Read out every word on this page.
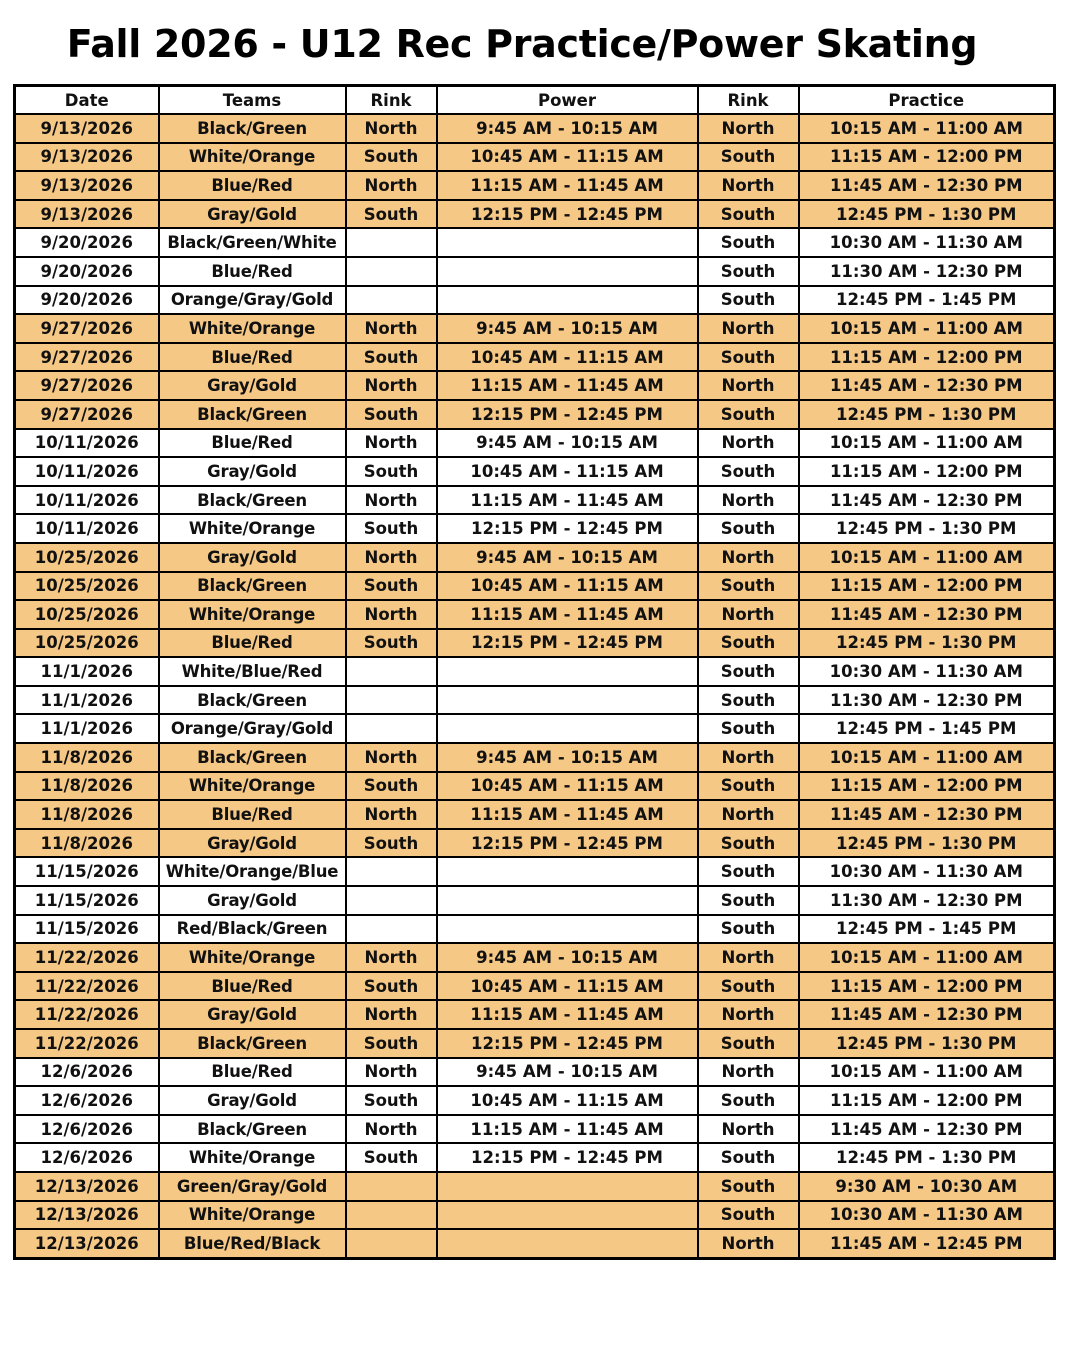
Fall 2026 - U12 Rec Practice/Power Skating
Date	Teams	Rink	Power	Rink	Practice
9/13/2026	Black/Green	North	9:45 AM - 10:15 AM	North	10:15 AM - 11:00 AM
9/13/2026	White/Orange	South	10:45 AM - 11:15 AM	South	11:15 AM - 12:00 PM
9/13/2026	Blue/Red	North	11:15 AM - 11:45 AM	North	11:45 AM - 12:30 PM
9/13/2026	Gray/Gold	South	12:15 PM - 12:45 PM	South	12:45 PM - 1:30 PM
9/20/2026	Black/Green/White			South	10:30 AM - 11:30 AM
9/20/2026	Blue/Red			South	11:30 AM - 12:30 PM
9/20/2026	Orange/Gray/Gold			South	12:45 PM - 1:45 PM
9/27/2026	White/Orange	North	9:45 AM - 10:15 AM	North	10:15 AM - 11:00 AM
9/27/2026	Blue/Red	South	10:45 AM - 11:15 AM	South	11:15 AM - 12:00 PM
9/27/2026	Gray/Gold	North	11:15 AM - 11:45 AM	North	11:45 AM - 12:30 PM
9/27/2026	Black/Green	South	12:15 PM - 12:45 PM	South	12:45 PM - 1:30 PM
10/11/2026	Blue/Red	North	9:45 AM - 10:15 AM	North	10:15 AM - 11:00 AM
10/11/2026	Gray/Gold	South	10:45 AM - 11:15 AM	South	11:15 AM - 12:00 PM
10/11/2026	Black/Green	North	11:15 AM - 11:45 AM	North	11:45 AM - 12:30 PM
10/11/2026	White/Orange	South	12:15 PM - 12:45 PM	South	12:45 PM - 1:30 PM
10/25/2026	Gray/Gold	North	9:45 AM - 10:15 AM	North	10:15 AM - 11:00 AM
10/25/2026	Black/Green	South	10:45 AM - 11:15 AM	South	11:15 AM - 12:00 PM
10/25/2026	White/Orange	North	11:15 AM - 11:45 AM	North	11:45 AM - 12:30 PM
10/25/2026	Blue/Red	South	12:15 PM - 12:45 PM	South	12:45 PM - 1:30 PM
11/1/2026	White/Blue/Red			South	10:30 AM - 11:30 AM
11/1/2026	Black/Green			South	11:30 AM - 12:30 PM
11/1/2026	Orange/Gray/Gold			South	12:45 PM - 1:45 PM
11/8/2026	Black/Green	North	9:45 AM - 10:15 AM	North	10:15 AM - 11:00 AM
11/8/2026	White/Orange	South	10:45 AM - 11:15 AM	South	11:15 AM - 12:00 PM
11/8/2026	Blue/Red	North	11:15 AM - 11:45 AM	North	11:45 AM - 12:30 PM
11/8/2026	Gray/Gold	South	12:15 PM - 12:45 PM	South	12:45 PM - 1:30 PM
11/15/2026	White/Orange/Blue			South	10:30 AM - 11:30 AM
11/15/2026	Gray/Gold			South	11:30 AM - 12:30 PM
11/15/2026	Red/Black/Green			South	12:45 PM - 1:45 PM
11/22/2026	White/Orange	North	9:45 AM - 10:15 AM	North	10:15 AM - 11:00 AM
11/22/2026	Blue/Red	South	10:45 AM - 11:15 AM	South	11:15 AM - 12:00 PM
11/22/2026	Gray/Gold	North	11:15 AM - 11:45 AM	North	11:45 AM - 12:30 PM
11/22/2026	Black/Green	South	12:15 PM - 12:45 PM	South	12:45 PM - 1:30 PM
12/6/2026	Blue/Red	North	9:45 AM - 10:15 AM	North	10:15 AM - 11:00 AM
12/6/2026	Gray/Gold	South	10:45 AM - 11:15 AM	South	11:15 AM - 12:00 PM
12/6/2026	Black/Green	North	11:15 AM - 11:45 AM	North	11:45 AM - 12:30 PM
12/6/2026	White/Orange	South	12:15 PM - 12:45 PM	South	12:45 PM - 1:30 PM
12/13/2026	Green/Gray/Gold			South	9:30 AM - 10:30 AM
12/13/2026	White/Orange			South	10:30 AM - 11:30 AM
12/13/2026	Blue/Red/Black			North	11:45 AM - 12:45 PM
